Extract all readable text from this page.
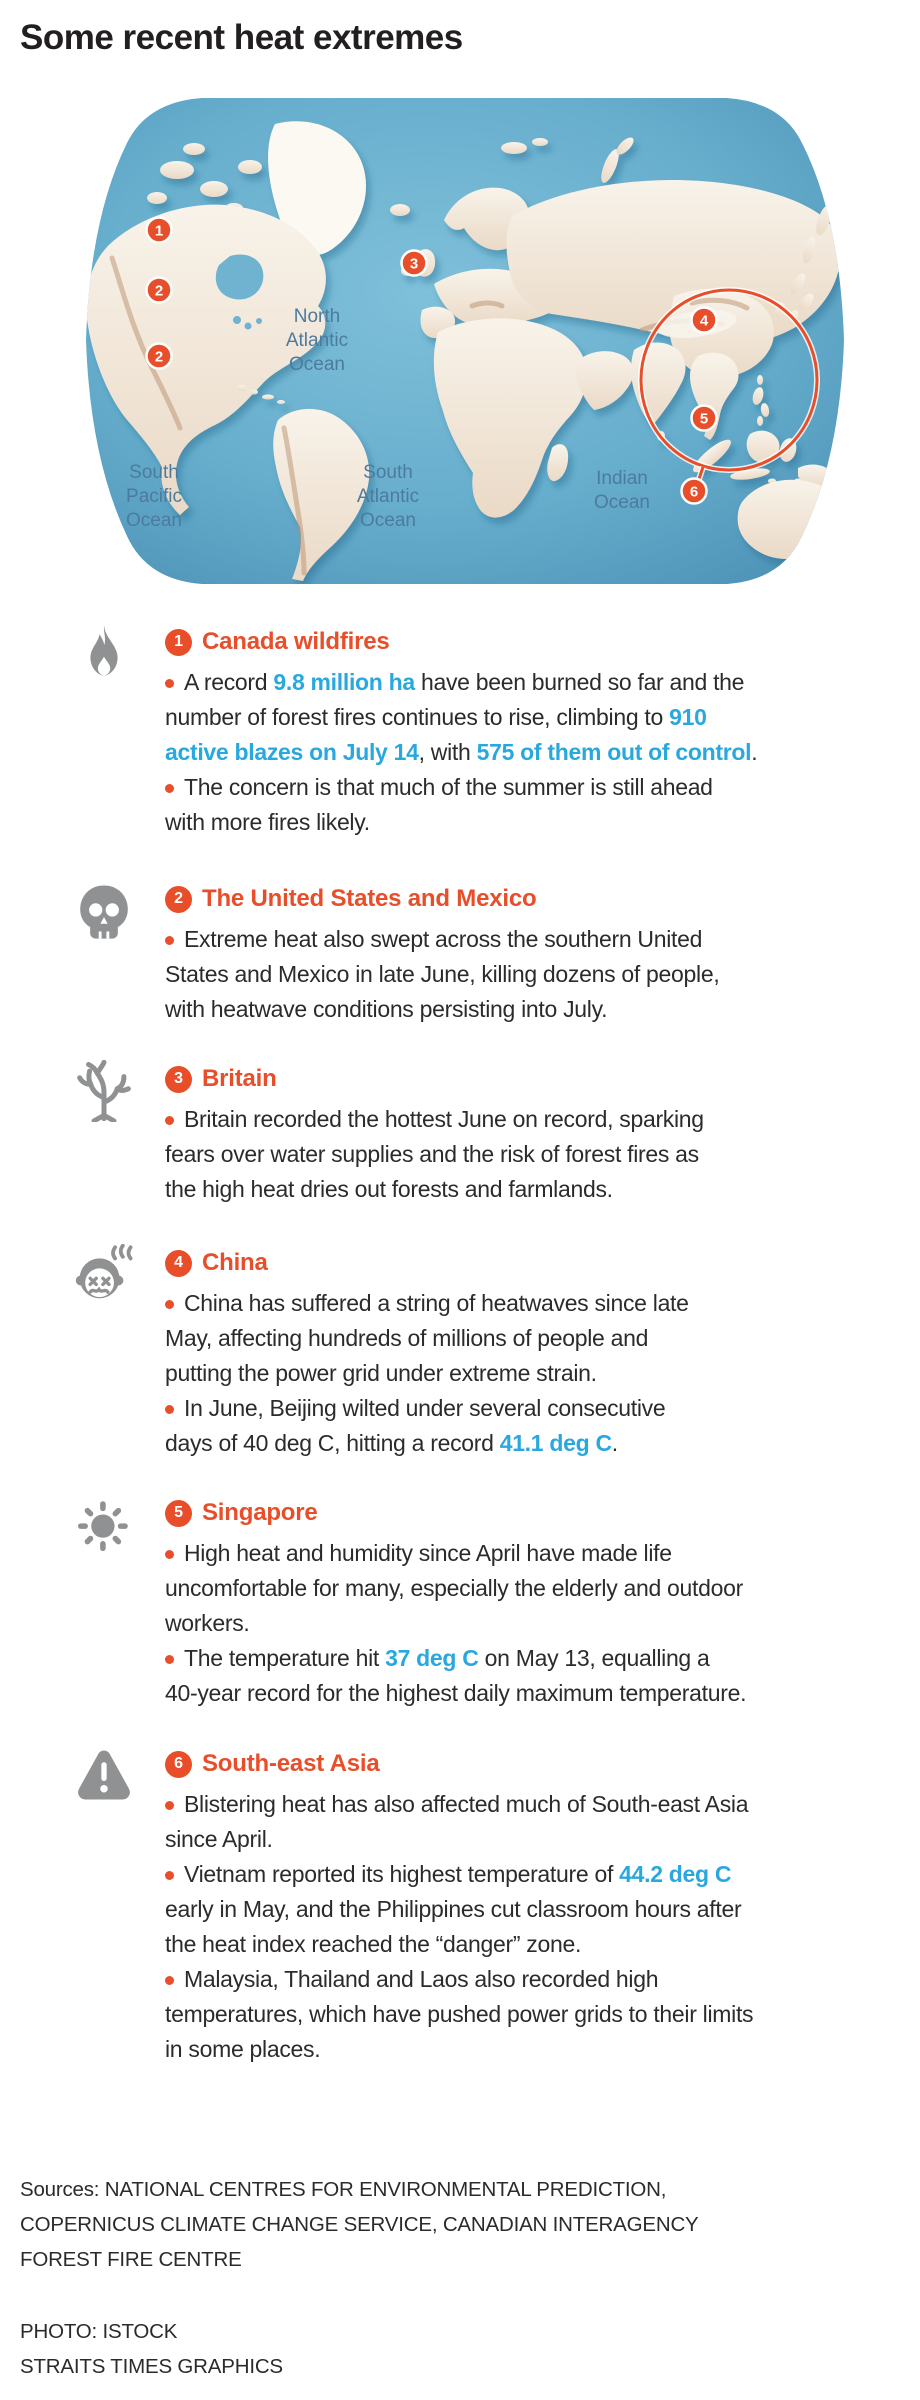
Some recent heat extremes
North Atlantic Ocean
South Pacific Ocean
South Atlantic Ocean
Indian Ocean
1
2
2
3
4
5
6
1 Canada wildfires
A record 9.8 million ha have been burned so far and the
number of forest fires continues to rise, climbing to 910
active blazes on July 14, with 575 of them out of control.
The concern is that much of the summer is still ahead
with more fires likely.
2 The United States and Mexico
Extreme heat also swept across the southern United
States and Mexico in late June, killing dozens of people,
with heatwave conditions persisting into July.
3 Britain
Britain recorded the hottest June on record, sparking
fears over water supplies and the risk of forest fires as
the high heat dries out forests and farmlands.
4 China
China has suffered a string of heatwaves since late
May, affecting hundreds of millions of people and
putting the power grid under extreme strain.
In June, Beijing wilted under several consecutive
days of 40 deg C, hitting a record 41.1 deg C.
5 Singapore
High heat and humidity since April have made life
uncomfortable for many, especially the elderly and outdoor
workers.
The temperature hit 37 deg C on May 13, equalling a
40-year record for the highest daily maximum temperature.
6 South-east Asia
Blistering heat has also affected much of South-east Asia
since April.
Vietnam reported its highest temperature of 44.2 deg C
early in May, and the Philippines cut classroom hours after
the heat index reached the “danger” zone.
Malaysia, Thailand and Laos also recorded high
temperatures, which have pushed power grids to their limits
in some places.
Sources: NATIONAL CENTRES FOR ENVIRONMENTAL PREDICTION,
COPERNICUS CLIMATE CHANGE SERVICE, CANADIAN INTERAGENCY
FOREST FIRE CENTRE
PHOTO: ISTOCK
STRAITS TIMES GRAPHICS
